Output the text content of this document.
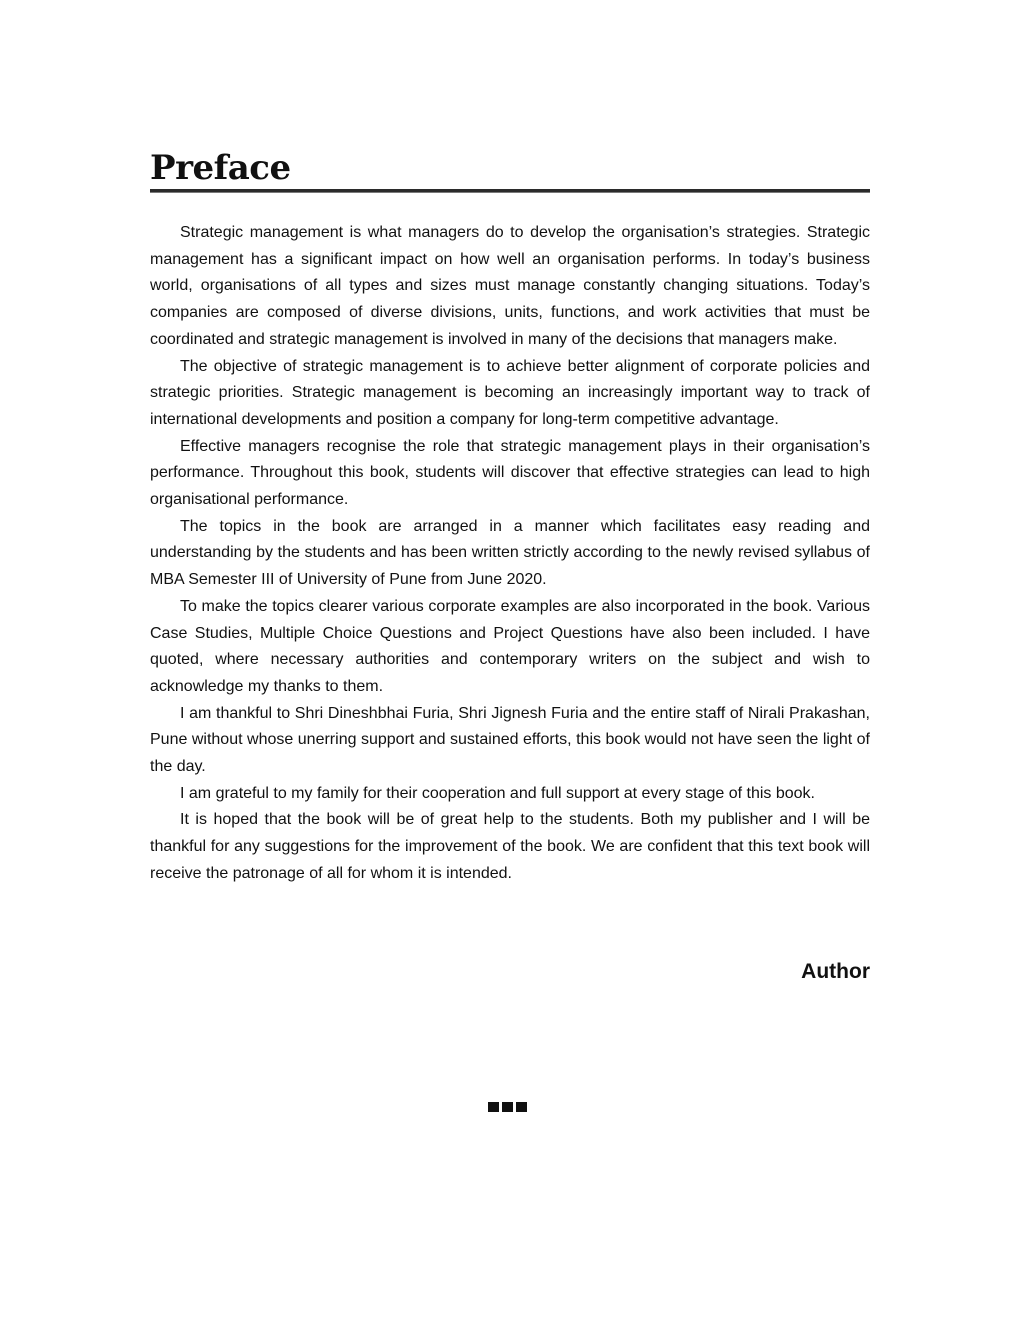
Preface

Strategic management is what managers do to develop the organisation’s strategies. Strategic management has a significant impact on how well an organisation performs. In today’s business world, organisations of all types and sizes must manage constantly changing situations. Today’s companies are composed of diverse divisions, units, functions, and work activities that must be coordinated and strategic management is involved in many of the decisions that managers make.

The objective of strategic management is to achieve better alignment of corporate policies and strategic priorities. Strategic management is becoming an increasingly important way to track of international developments and position a company for long-term competitive advantage.

Effective managers recognise the role that strategic management plays in their organisation’s performance. Throughout this book, students will discover that effective strategies can lead to high organisational performance.

The topics in the book are arranged in a manner which facilitates easy reading and understanding by the students and has been written strictly according to the newly revised syllabus of MBA Semester III of University of Pune from June 2020.

To make the topics clearer various corporate examples are also incorporated in the book. Various Case Studies, Multiple Choice Questions and Project Questions have also been included. I have quoted, where necessary authorities and contemporary writers on the subject and wish to acknowledge my thanks to them.

I am thankful to Shri Dineshbhai Furia, Shri Jignesh Furia and the entire staff of Nirali Prakashan, Pune without whose unerring support and sustained efforts, this book would not have seen the light of the day.

I am grateful to my family for their cooperation and full support at every stage of this book.

It is hoped that the book will be of great help to the students. Both my publisher and I will be thankful for any suggestions for the improvement of the book. We are confident that this text book will receive the patronage of all for whom it is intended.

Author
